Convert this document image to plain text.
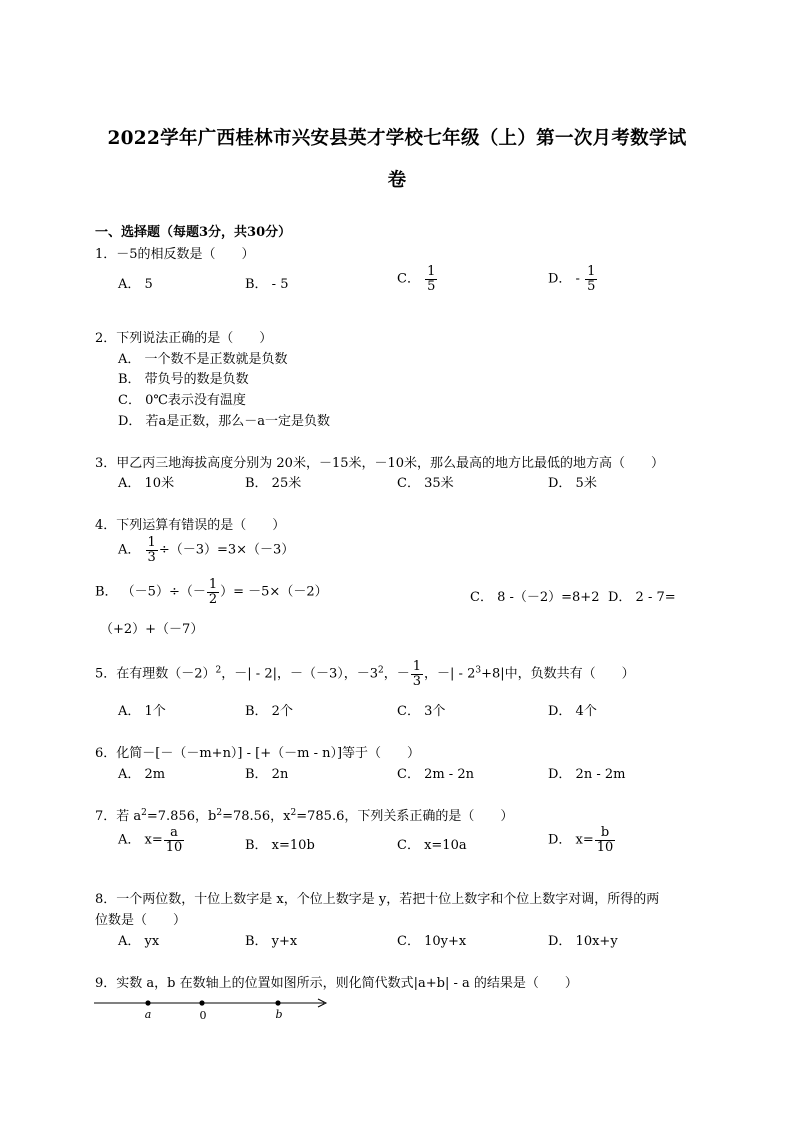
2022学年广西桂林市兴安县英才学校七年级（上）第一次月考数学试
卷
一、选择题（每题3分，共30分）
1．－5的相反数是（　　）
A． 5	B． - 5	C． $\frac{1}{5}$	D． - $\frac{1}{5}$
2．下列说法正确的是（　　）
A． 一个数不是正数就是负数
B． 带负号的数是负数
C． 0℃表示没有温度
D． 若a是正数，那么－a一定是负数
3．甲乙丙三地海拔高度分别为 20米，－15米，－10米，那么最高的地方比最低的地方高（　　）
A． 10米	B． 25米	C． 35米	D． 5米
4．下列运算有错误的是（　　）
A． $\frac{1}{3} \div(-3)=3\times(-3)$
B． $(-5)\div(- \frac{1}{2}$ ）= －5×（－2）	C． 8 -（－2）=8+2 D． 2 - 7=
（+2）+（－7）
5．在有理数$(-2)^2$，－| - 2|，－（－3），$-3^2$，－ $\frac{1}{3}$ ，－| - $2^3+8|$中，负数共有（　　）
A． 1个	B． 2个	C． 3个	D． 4个
6．化简－[－（－m+n）] - [+（－m - n）]等于（　　）
A． 2m	B． 2n	C． 2m - 2n	D． 2n - 2m
7．若 $a^2=7.856$，$b^2=78.56$，$x^2=785.6$，下列关系正确的是（　　）
A． $x= \frac{a}{10}$	B． x=10b	C． x=10a	D． $x= \frac{b}{10}$
8．一个两位数，十位上数字是 x，个位上数字是 y，若把十位上数字和个位上数字对调，所得的两
位数是（　　）
A． yx	B． y+x	C． 10y+x	D． 10x+y
9．实数 a，b 在数轴上的位置如图所示，则化简代数式|a+b| - a 的结果是（　　）
a	0	b
